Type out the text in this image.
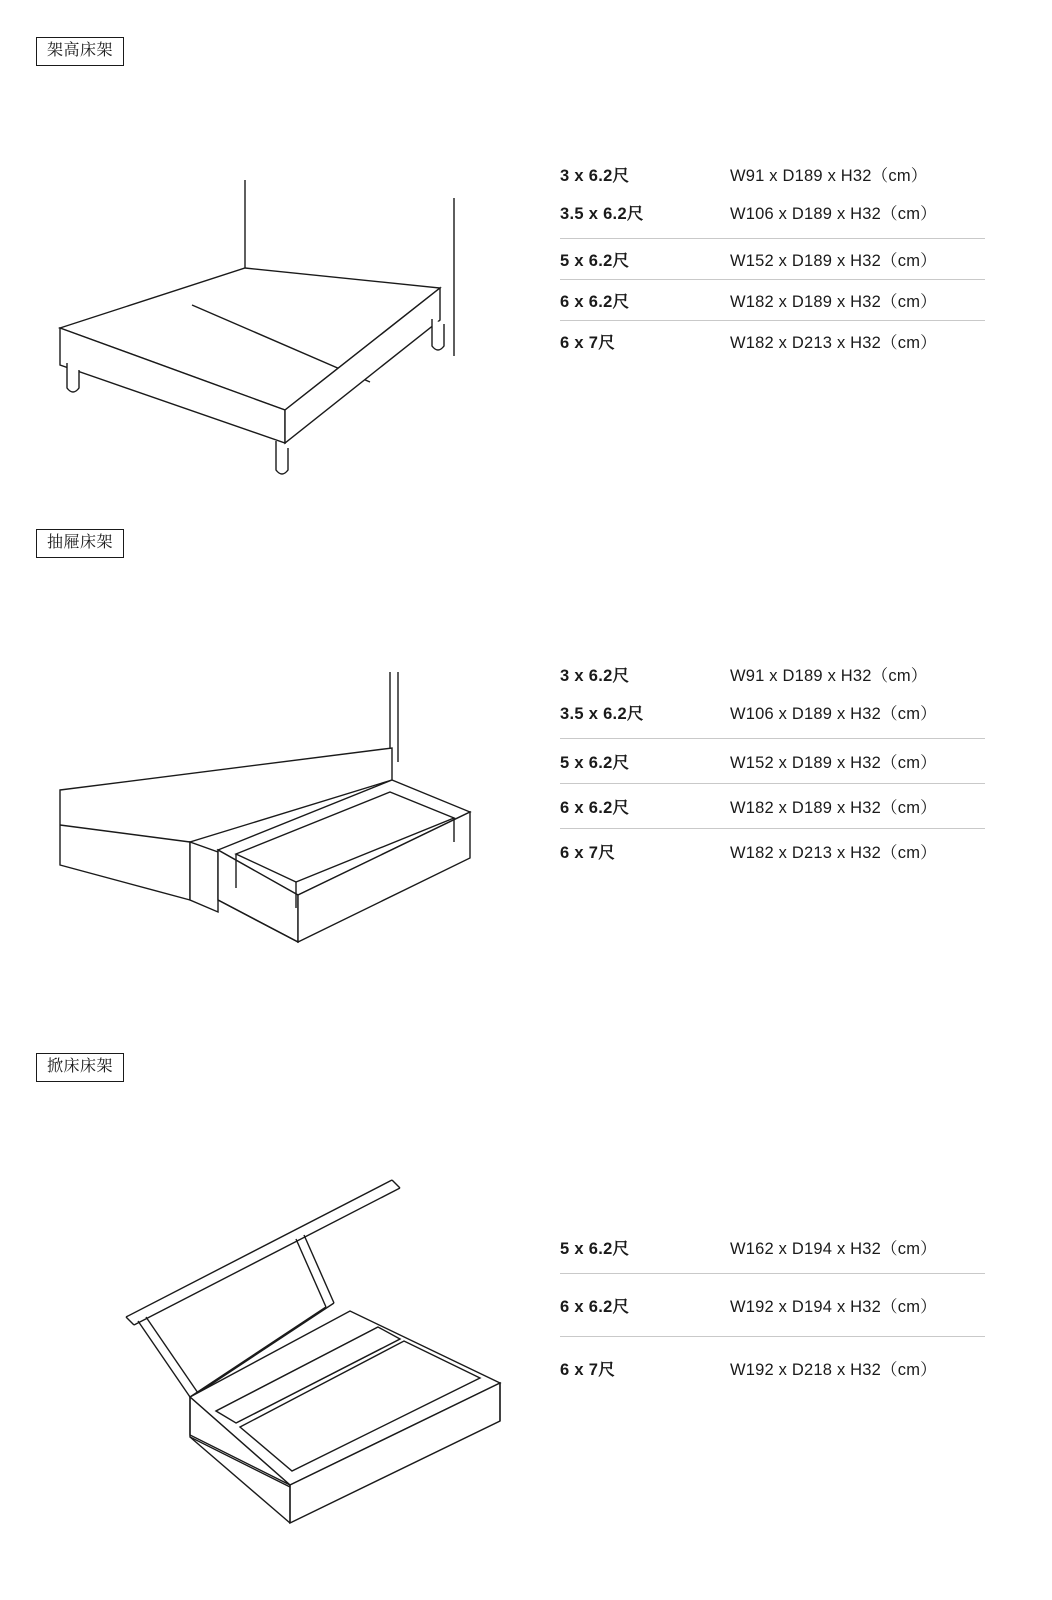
架高床架
3 x 6.2尺	W91 x D189 x H32（cm）
3.5 x 6.2尺	W106 x D189 x H32（cm）
5 x 6.2尺	W152 x D189 x H32（cm）
6 x 6.2尺	W182 x D189 x H32（cm）
6 x 7尺	W182 x D213 x H32（cm）
抽屜床架
3 x 6.2尺	W91 x D189 x H32（cm）
3.5 x 6.2尺	W106 x D189 x H32（cm）
5 x 6.2尺	W152 x D189 x H32（cm）
6 x 6.2尺	W182 x D189 x H32（cm）
6 x 7尺	W182 x D213 x H32（cm）
掀床床架
5 x 6.2尺	W162 x D194 x H32（cm）
6 x 6.2尺	W192 x D194 x H32（cm）
6 x 7尺	W192 x D218 x H32（cm）
